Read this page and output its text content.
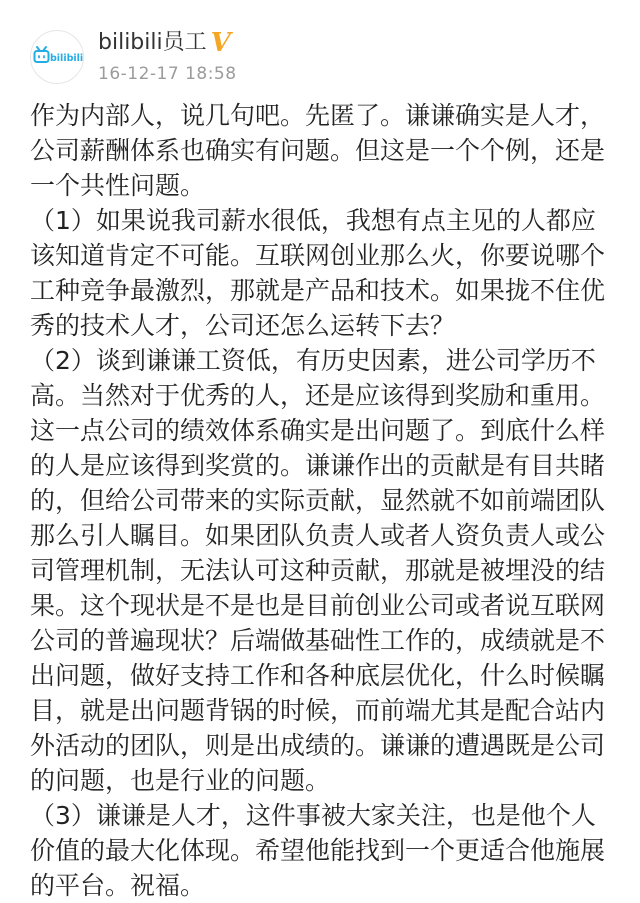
bilibili
bilibili员工 V
16-12-17 18:58

作为内部人，说几句吧。先匿了。谦谦确实是人才，公司薪酬体系也确实有问题。但这是一个个例，还是一个共性问题。

（1）如果说我司薪水很低，我想有点主见的人都应该知道肯定不可能。互联网创业那么火，你要说哪个工种竞争最激烈，那就是产品和技术。如果拢不住优秀的技术人才，公司还怎么运转下去？

（2）谈到谦谦工资低，有历史因素，进公司学历不高。当然对于优秀的人，还是应该得到奖励和重用。这一点公司的绩效体系确实是出问题了。到底什么样的人是应该得到奖赏的。谦谦作出的贡献是有目共睹的，但给公司带来的实际贡献，显然就不如前端团队那么引人瞩目。如果团队负责人或者人资负责人或公司管理机制，无法认可这种贡献，那就是被埋没的结果。这个现状是不是也是目前创业公司或者说互联网公司的普遍现状？后端做基础性工作的，成绩就是不出问题，做好支持工作和各种底层优化，什么时候瞩目，就是出问题背锅的时候，而前端尤其是配合站内外活动的团队，则是出成绩的。谦谦的遭遇既是公司的问题，也是行业的问题。

（3）谦谦是人才，这件事被大家关注，也是他个人价值的最大化体现。希望他能找到一个更适合他施展的平台。祝福。
